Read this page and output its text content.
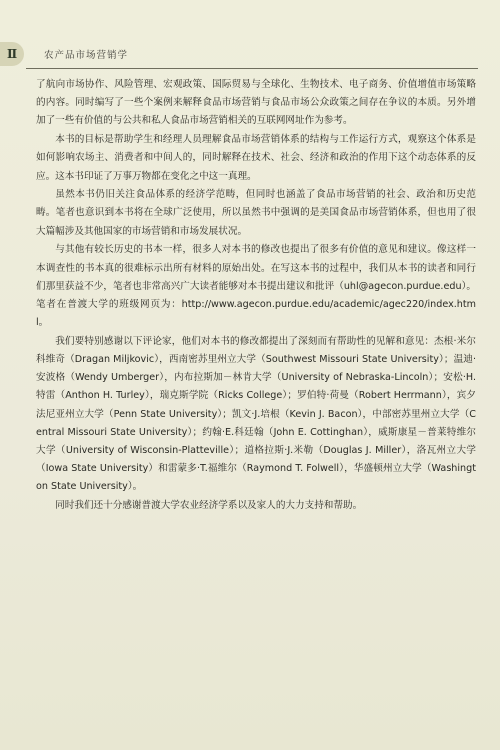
Ⅱ	农产品市场营销学

了航向市场协作、风险管理、宏观政策、国际贸易与全球化、生物技术、电子商务、价值增值市场策略的内容。同时编写了一些个案例来解释食品市场营销与食品市场公众政策之间存在争议的本质。另外增加了一些有价值的与公共和私人食品市场营销相关的互联网网址作为参考。

本书的目标是帮助学生和经理人员理解食品市场营销体系的结构与工作运行方式，观察这个体系是如何影响农场主、消费者和中间人的，同时解释在技术、社会、经济和政治的作用下这个动态体系的反应。这本书印证了万事万物都在变化之中这一真理。

虽然本书仍旧关注食品体系的经济学范畴，但同时也涵盖了食品市场营销的社会、政治和历史范畴。笔者也意识到本书将在全球广泛使用，所以虽然书中强调的是美国食品市场营销体系，但也用了很大篇幅涉及其他国家的市场营销和市场发展状况。

与其他有较长历史的书本一样，很多人对本书的修改也提出了很多有价值的意见和建议。像这样一本调查性的书本真的很难标示出所有材料的原始出处。在写这本书的过程中，我们从本书的读者和同行们那里获益不少，笔者也非常高兴广大读者能够对本书提出建议和批评（uhl@agecon.purdue.edu）。笔者在普渡大学的班级网页为：http://www.agecon.purdue.edu/academic/agec220/index.html。

我们要特别感谢以下评论家，他们对本书的修改都提出了深刻而有帮助性的见解和意见：杰根·米尔科维奇（Dragan Miljkovic），西南密苏里州立大学（Southwest Missouri State University）；温迪·安波格（Wendy Umberger），内布拉斯加－林肯大学（University of Nebraska-Lincoln）；安松·H.特雷（Anthon H. Turley），瑞克斯学院（Ricks College）；罗伯特·荷曼（Robert Herrmann），宾夕法尼亚州立大学（Penn State University）；凯文·J.培根（Kevin J. Bacon），中部密苏里州立大学（Central Missouri State University）；约翰·E.科廷翰（John E. Cottinghan），威斯康星－普莱特维尔大学（University of Wisconsin-Platteville）；道格拉斯·J.米勒（Douglas J. Miller），洛瓦州立大学（Iowa State University）和雷蒙多·T.福维尔（Raymond T. Folwell），华盛顿州立大学（Washington State University）。

同时我们还十分感谢普渡大学农业经济学系以及家人的大力支持和帮助。
